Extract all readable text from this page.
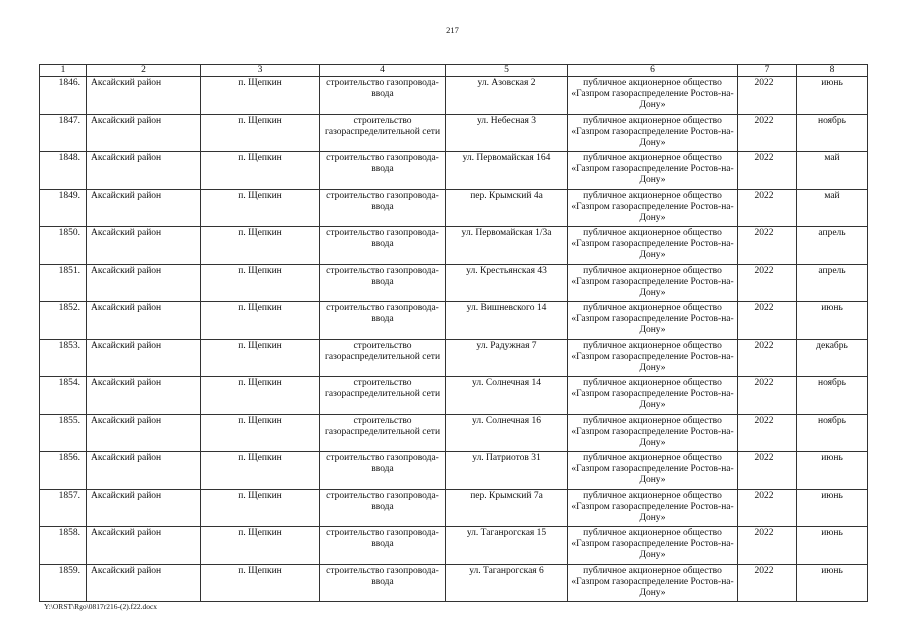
217
1	2	3	4	5	6	7	8
1846.	Аксайский район	п. Щепкин	строительство газопровода-ввода	ул. Азовская 2	публичное акционерное общество «Газпром газораспределение Ростов-на-Дону»	2022	июнь
1847.	Аксайский район	п. Щепкин	строительство газораспределительной сети	ул. Небесная 3	публичное акционерное общество «Газпром газораспределение Ростов-на-Дону»	2022	ноябрь
1848.	Аксайский район	п. Щепкин	строительство газопровода-ввода	ул. Первомайская 164	публичное акционерное общество «Газпром газораспределение Ростов-на-Дону»	2022	май
1849.	Аксайский район	п. Щепкин	строительство газопровода-ввода	пер. Крымский 4а	публичное акционерное общество «Газпром газораспределение Ростов-на-Дону»	2022	май
1850.	Аксайский район	п. Щепкин	строительство газопровода-ввода	ул. Первомайская 1/3а	публичное акционерное общество «Газпром газораспределение Ростов-на-Дону»	2022	апрель
1851.	Аксайский район	п. Щепкин	строительство газопровода-ввода	ул. Крестьянская 43	публичное акционерное общество «Газпром газораспределение Ростов-на-Дону»	2022	апрель
1852.	Аксайский район	п. Щепкин	строительство газопровода-ввода	ул. Вишневского 14	публичное акционерное общество «Газпром газораспределение Ростов-на-Дону»	2022	июнь
1853.	Аксайский район	п. Щепкин	строительство газораспределительной сети	ул. Радужная 7	публичное акционерное общество «Газпром газораспределение Ростов-на-Дону»	2022	декабрь
1854.	Аксайский район	п. Щепкин	строительство газораспределительной сети	ул. Солнечная 14	публичное акционерное общество «Газпром газораспределение Ростов-на-Дону»	2022	ноябрь
1855.	Аксайский район	п. Щепкин	строительство газораспределительной сети	ул. Солнечная 16	публичное акционерное общество «Газпром газораспределение Ростов-на-Дону»	2022	ноябрь
1856.	Аксайский район	п. Щепкин	строительство газопровода-ввода	ул. Патриотов 31	публичное акционерное общество «Газпром газораспределение Ростов-на-Дону»	2022	июнь
1857.	Аксайский район	п. Щепкин	строительство газопровода-ввода	пер. Крымский 7а	публичное акционерное общество «Газпром газораспределение Ростов-на-Дону»	2022	июнь
1858.	Аксайский район	п. Щепкин	строительство газопровода-ввода	ул. Таганрогская 15	публичное акционерное общество «Газпром газораспределение Ростов-на-Дону»	2022	июнь
1859.	Аксайский район	п. Щепкин	строительство газопровода-ввода	ул. Таганрогская 6	публичное акционерное общество «Газпром газораспределение Ростов-на-Дону»	2022	июнь
Y:\ORST\Rgo\0817r216-(2).f22.docx
